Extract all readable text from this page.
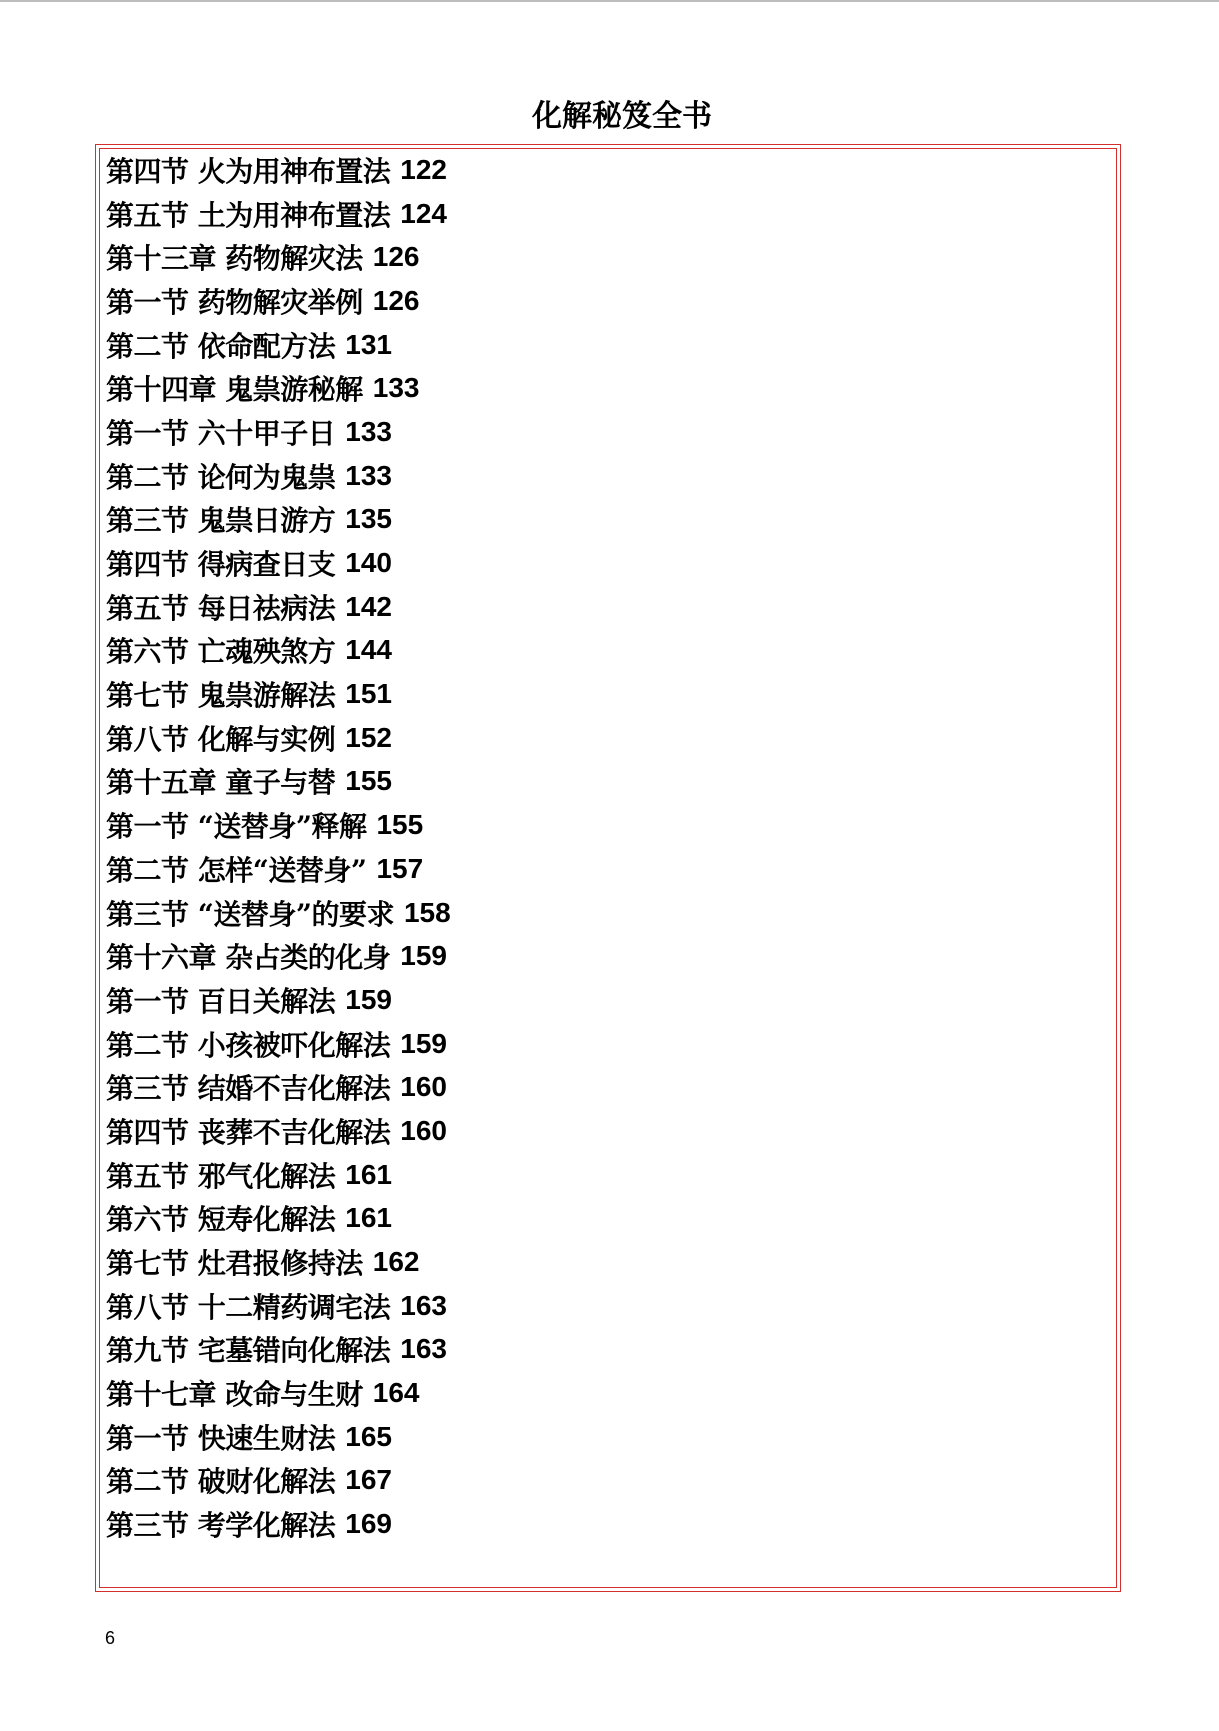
化解秘笈全书
第四节 火为用神布置法 122
第五节 土为用神布置法 124
第十三章 药物解灾法 126
第一节 药物解灾举例 126
第二节 依命配方法 131
第十四章 鬼祟游秘解 133
第一节 六十甲子日 133
第二节 论何为鬼祟 133
第三节 鬼祟日游方 135
第四节 得病查日支 140
第五节 每日祛病法 142
第六节 亡魂殃煞方 144
第七节 鬼祟游解法 151
第八节 化解与实例 152
第十五章 童子与替 155
第一节 “送替身”释解 155
第二节 怎样“送替身” 157
第三节 “送替身”的要求 158
第十六章 杂占类的化身 159
第一节 百日关解法 159
第二节 小孩被吓化解法 159
第三节 结婚不吉化解法 160
第四节 丧葬不吉化解法 160
第五节 邪气化解法 161
第六节 短寿化解法 161
第七节 灶君报修持法 162
第八节 十二精药调宅法 163
第九节 宅墓错向化解法 163
第十七章 改命与生财 164
第一节 快速生财法 165
第二节 破财化解法 167
第三节 考学化解法 169
6
